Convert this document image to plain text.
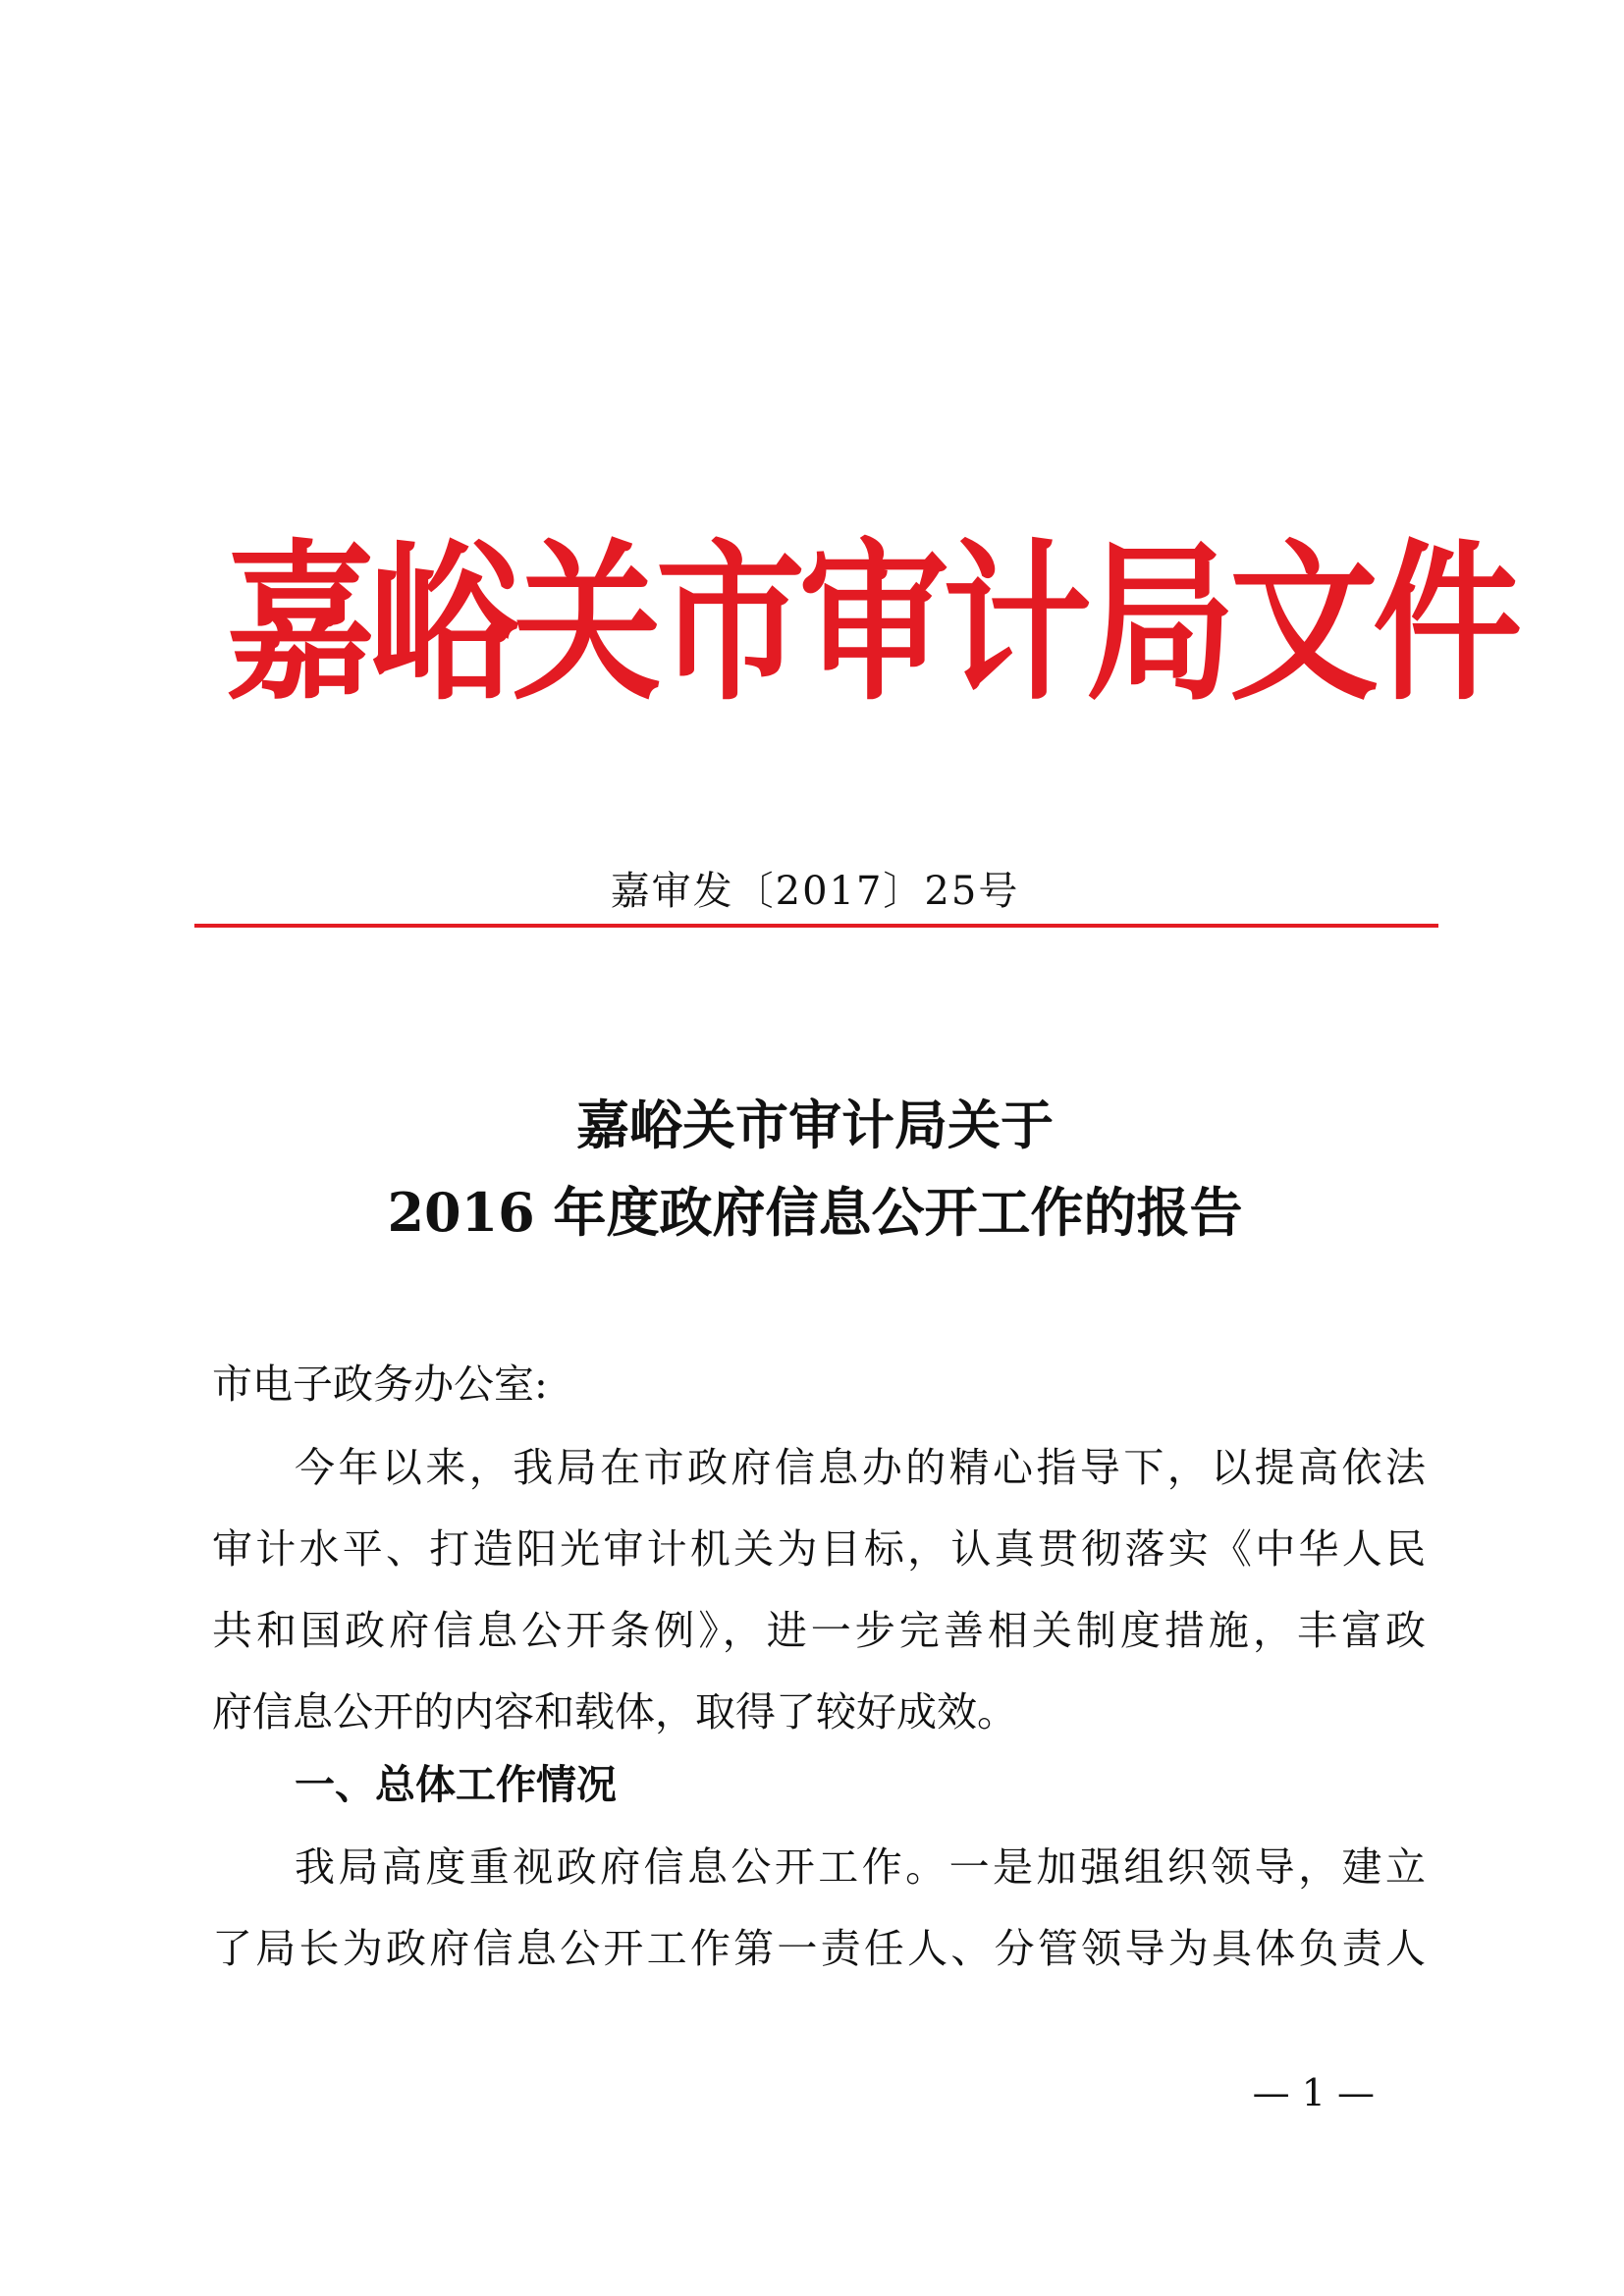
嘉峪关市审计局文件
嘉审发〔2017〕25号
嘉峪关市审计局关于
2016 年度政府信息公开工作的报告
市电子政务办公室:
今年以来，我局在市政府信息办的精心指导下，以提高依法
审计水平、打造阳光审计机关为目标，认真贯彻落实《中华人民
共和国政府信息公开条例》，进一步完善相关制度措施，丰富政
府信息公开的内容和载体，取得了较好成效。
一、总体工作情况
我局高度重视政府信息公开工作。一是加强组织领导，建立
了局长为政府信息公开工作第一责任人、分管领导为具体负责人
— 1 —
